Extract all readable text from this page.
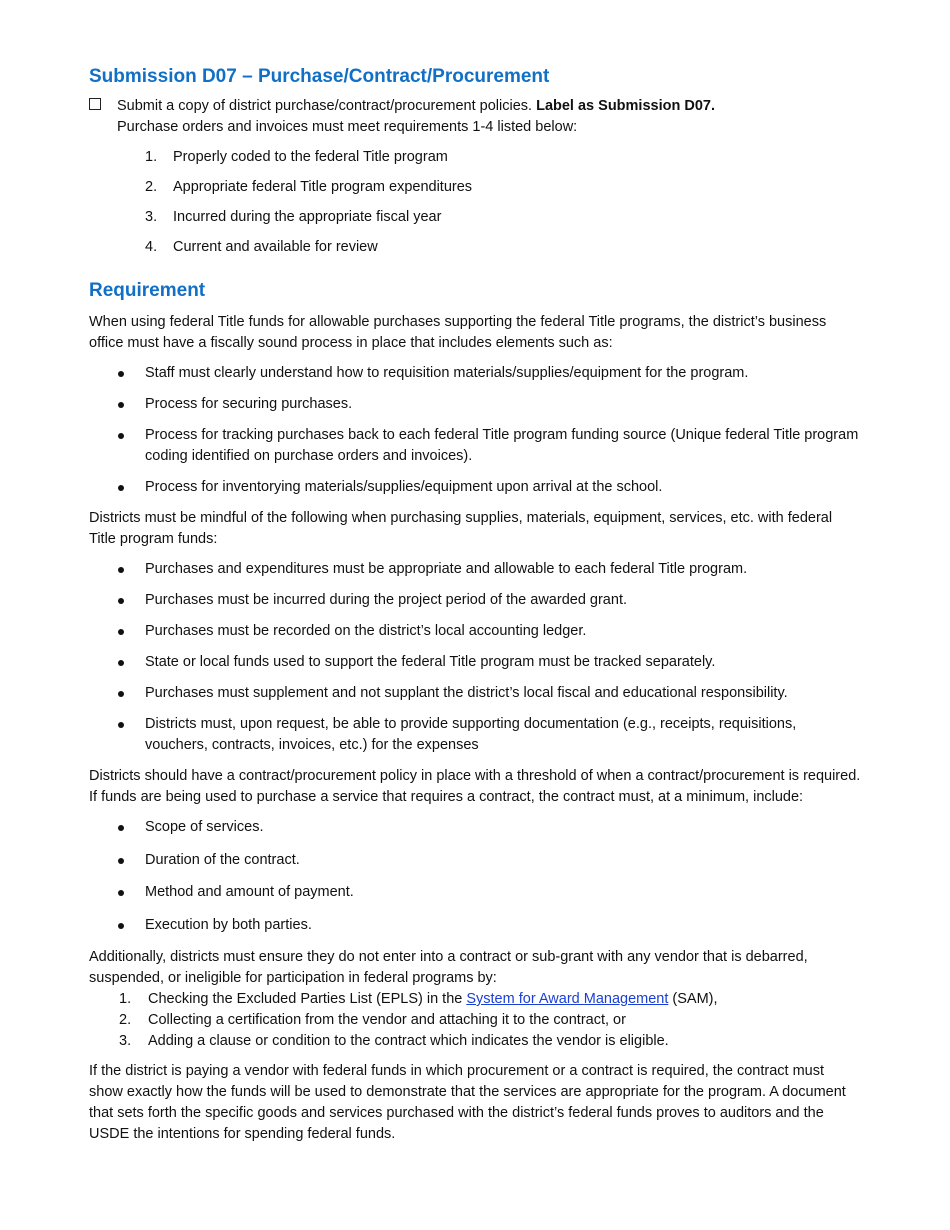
Submission D07 – Purchase/Contract/Procurement
Submit a copy of district purchase/contract/procurement policies. Label as Submission D07.
Purchase orders and invoices must meet requirements 1-4 listed below:
1. Properly coded to the federal Title program
2. Appropriate federal Title program expenditures
3. Incurred during the appropriate fiscal year
4. Current and available for review
Requirement

When using federal Title funds for allowable purchases supporting the federal Title programs, the district’s business office must have a fiscally sound process in place that includes elements such as:

Staff must clearly understand how to requisition materials/supplies/equipment for the program.
Process for securing purchases.
Process for tracking purchases back to each federal Title program funding source (Unique federal Title program coding identified on purchase orders and invoices).
Process for inventorying materials/supplies/equipment upon arrival at the school.

Districts must be mindful of the following when purchasing supplies, materials, equipment, services, etc. with federal Title program funds:

Purchases and expenditures must be appropriate and allowable to each federal Title program.
Purchases must be incurred during the project period of the awarded grant.
Purchases must be recorded on the district’s local accounting ledger.
State or local funds used to support the federal Title program must be tracked separately.
Purchases must supplement and not supplant the district’s local fiscal and educational responsibility.
Districts must, upon request, be able to provide supporting documentation (e.g., receipts, requisitions, vouchers, contracts, invoices, etc.) for the expenses

Districts should have a contract/procurement policy in place with a threshold of when a contract/procurement is required. If funds are being used to purchase a service that requires a contract, the contract must, at a minimum, include:

Scope of services.
Duration of the contract.
Method and amount of payment.
Execution by both parties.

Additionally, districts must ensure they do not enter into a contract or sub-grant with any vendor that is debarred, suspended, or ineligible for participation in federal programs by:

1. Checking the Excluded Parties List (EPLS) in the System for Award Management (SAM),
2. Collecting a certification from the vendor and attaching it to the contract, or
3. Adding a clause or condition to the contract which indicates the vendor is eligible.

If the district is paying a vendor with federal funds in which procurement or a contract is required, the contract must show exactly how the funds will be used to demonstrate that the services are appropriate for the program. A document that sets forth the specific goods and services purchased with the district’s federal funds proves to auditors and the USDE the intentions for spending federal funds.
